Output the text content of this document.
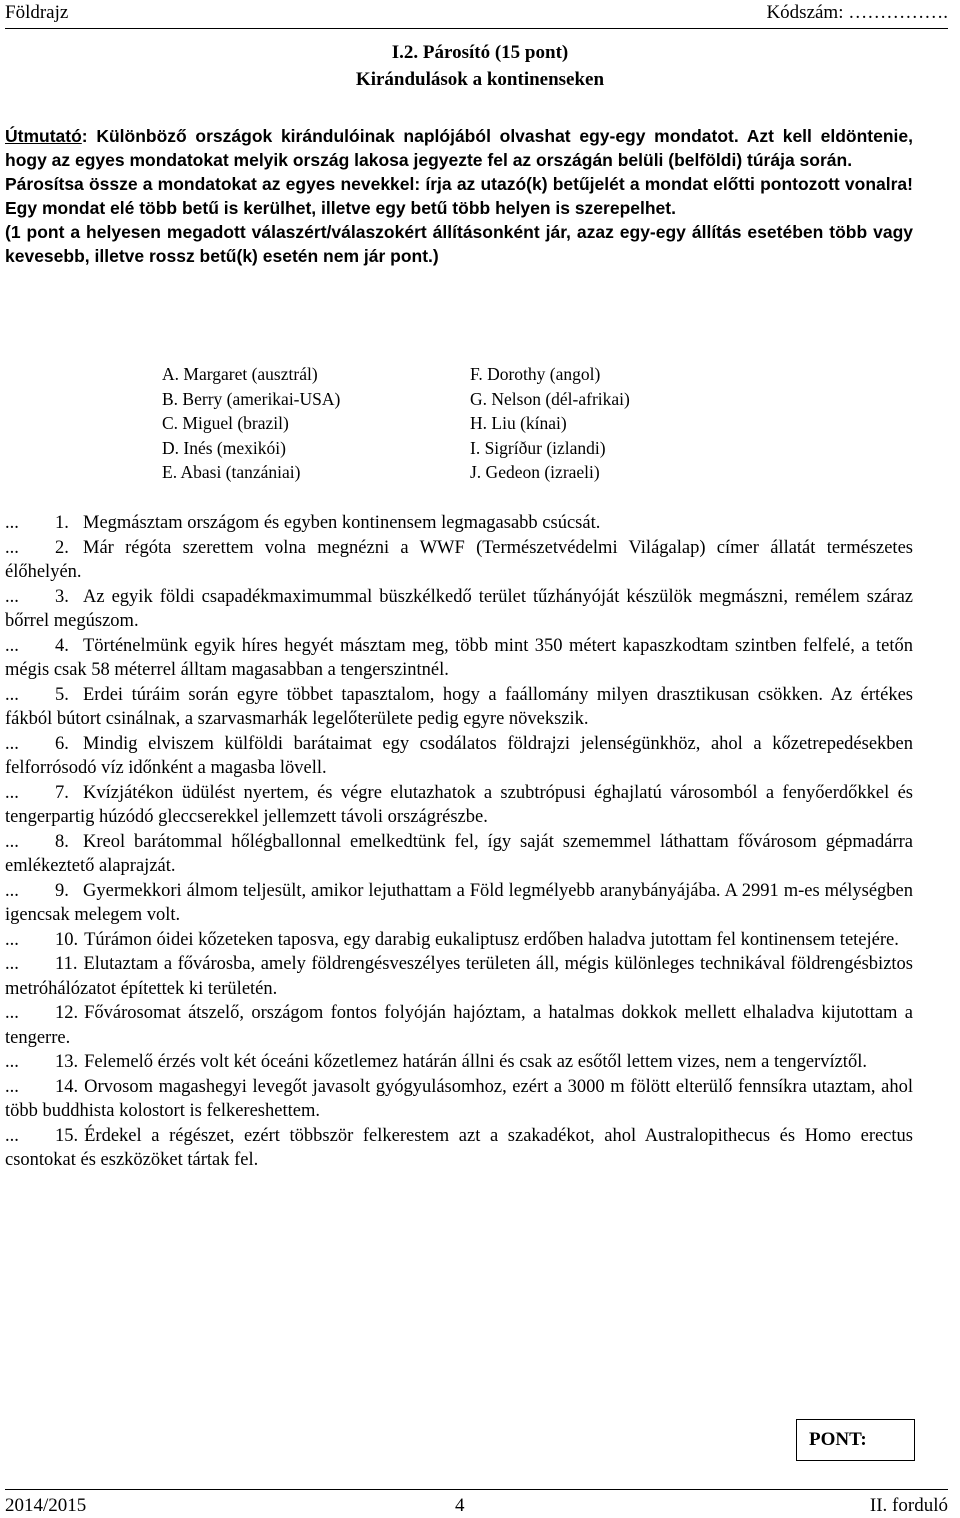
Földrajz	Kódszám: …………….
I.2. Párosító (15 pont)
Kirándulások a kontinenseken

Útmutató: Különböző országok kirándulóinak naplójából olvashat egy-egy mondatot. Azt kell eldöntenie, hogy az egyes mondatokat melyik ország lakosa jegyezte fel az országán belüli (belföldi) túrája során.

Párosítsa össze a mondatokat az egyes nevekkel: írja az utazó(k) betűjelét a mondat előtti pontozott vonalra! Egy mondat elé több betű is kerülhet, illetve egy betű több helyen is szerepelhet.

(1 pont a helyesen megadott válaszért/válaszokért állításonként jár, azaz egy-egy állítás esetében több vagy kevesebb, illetve rossz betű(k) esetén nem jár pont.)

A. Margaret (ausztrál)
B. Berry (amerikai-USA)
C. Miguel (brazil)
D. Inés (mexikói)
E. Abasi (tanzániai)
F. Dorothy (angol)
G. Nelson (dél-afrikai)
H. Liu (kínai)
I. Sigríður (izlandi)
J. Gedeon (izraeli)
... 1. Megmásztam országom és egyben kontinensem legmagasabb csúcsát.
... 2. Már régóta szerettem volna megnézni a WWF (Természetvédelmi Világalap) címer állatát természetes élőhelyén.
... 3. Az egyik földi csapadékmaximummal büszkélkedő terület tűzhányóját készülök megmászni, remélem száraz bőrrel megúszom.
... 4. Történelmünk egyik híres hegyét másztam meg, több mint 350 métert kapaszkodtam szintben felfelé, a tetőn mégis csak 58 méterrel álltam magasabban a tengerszintnél.
... 5. Erdei túráim során egyre többet tapasztalom, hogy a faállomány milyen drasztikusan csökken. Az értékes fákból bútort csinálnak, a szarvasmarhák legelőterülete pedig egyre növekszik.
... 6. Mindig elviszem külföldi barátaimat egy csodálatos földrajzi jelenségünkhöz, ahol a kőzetrepedésekben felforrósodó víz időnként a magasba lövell.
... 7. Kvízjátékon üdülést nyertem, és végre elutazhatok a szubtrópusi éghajlatú városomból a fenyőerdőkkel és tengerpartig húzódó gleccserekkel jellemzett távoli országrészbe.
... 8. Kreol barátommal hőlégballonnal emelkedtünk fel, így saját szememmel láthattam fővárosom gépmadárra emlékeztető alaprajzát.
... 9. Gyermekkori álmom teljesült, amikor lejuthattam a Föld legmélyebb aranybányájába. A 2991 m-es mélységben igencsak melegem volt.
... 10. Túrámon óidei kőzeteken taposva, egy darabig eukaliptusz erdőben haladva jutottam fel kontinensem tetejére.
... 11. Elutaztam a fővárosba, amely földrengésveszélyes területen áll, mégis különleges technikával földrengésbiztos metróhálózatot építettek ki területén.
... 12. Fővárosomat átszelő, országom fontos folyóján hajóztam, a hatalmas dokkok mellett elhaladva kijutottam a tengerre.
... 13. Felemelő érzés volt két óceáni kőzetlemez határán állni és csak az esőtől lettem vizes, nem a tengervíztől.
... 14. Orvosom magashegyi levegőt javasolt gyógyulásomhoz, ezért a 3000 m fölött elterülő fennsíkra utaztam, ahol több buddhista kolostort is felkereshettem.
... 15. Érdekel a régészet, ezért többször felkerestem azt a szakadékot, ahol Australopithecus és Homo erectus csontokat és eszközöket tártak fel.
PONT:
2014/2015	4	II. forduló
